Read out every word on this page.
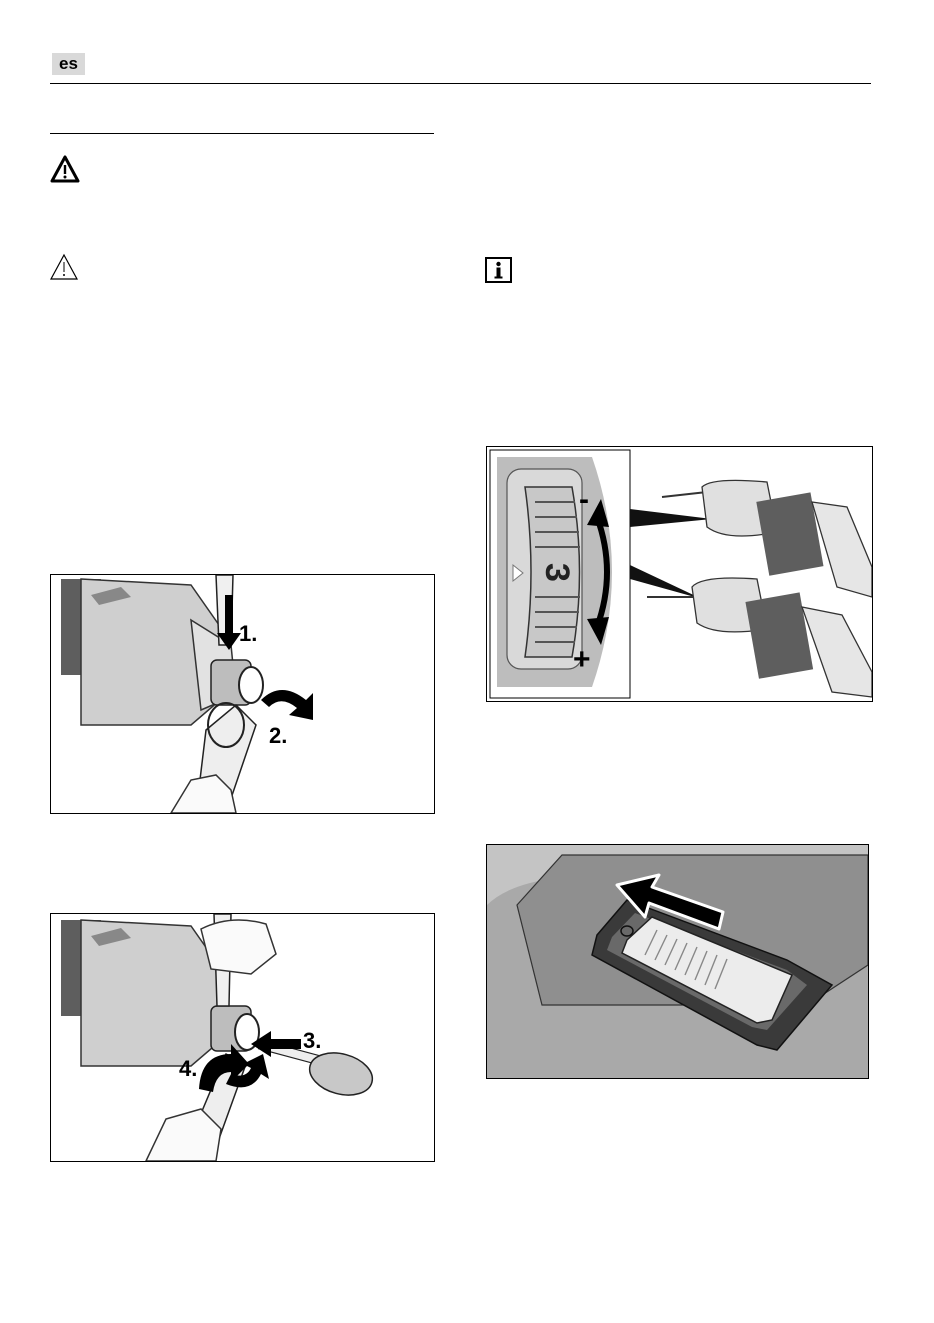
es
1.
2.
3.
4.
3
-
+
